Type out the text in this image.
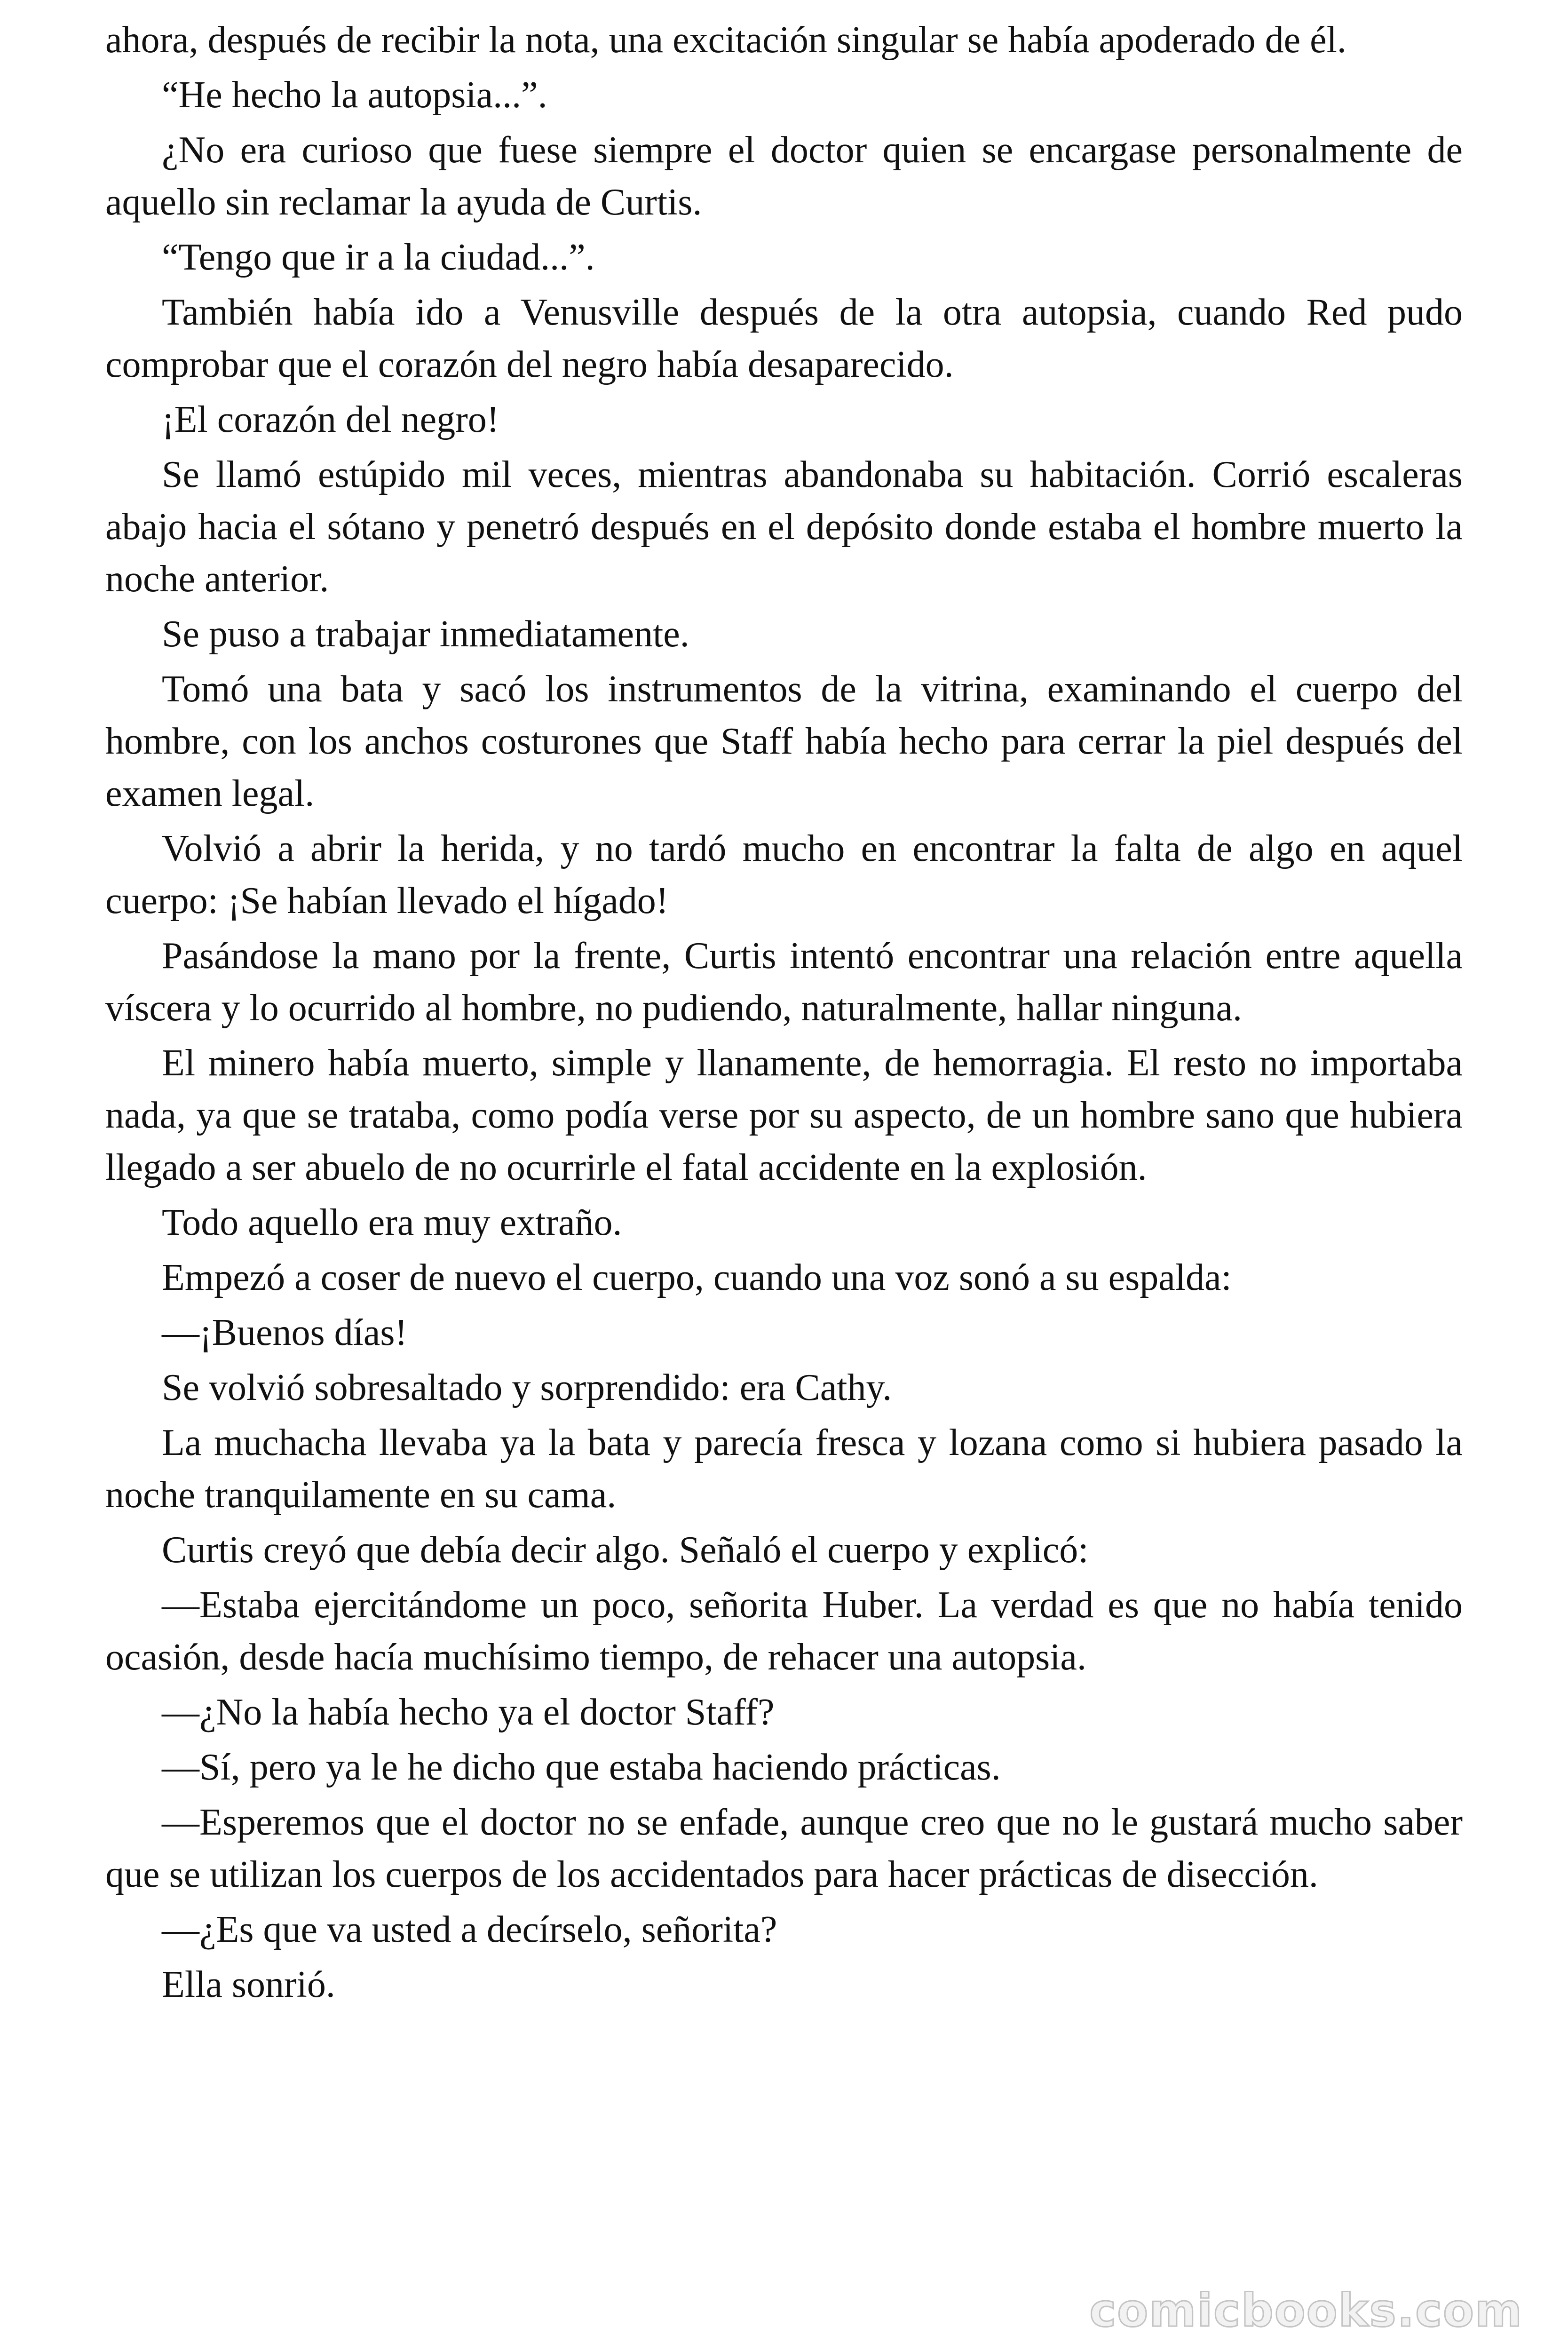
ahora, después de recibir la nota, una excitación singular se había apoderado de él.

“He hecho la autopsia...”.

¿No era curioso que fuese siempre el doctor quien se encargase personalmente de aquello sin reclamar la ayuda de Curtis.

“Tengo que ir a la ciudad...”.

También había ido a Venusville después de la otra autopsia, cuando Red pudo comprobar que el corazón del negro había desaparecido.

¡El corazón del negro!

Se llamó estúpido mil veces, mientras abandonaba su habitación. Corrió escaleras abajo hacia el sótano y penetró después en el depósito donde estaba el hombre muerto la noche anterior.

Se puso a trabajar inmediatamente.

Tomó una bata y sacó los instrumentos de la vitrina, examinando el cuerpo del hombre, con los anchos costurones que Staff había hecho para cerrar la piel después del examen legal.

Volvió a abrir la herida, y no tardó mucho en encontrar la falta de algo en aquel cuerpo: ¡Se habían llevado el hígado!

Pasándose la mano por la frente, Curtis intentó encontrar una relación entre aquella víscera y lo ocurrido al hombre, no pudiendo, naturalmente, hallar ninguna.

El minero había muerto, simple y llanamente, de hemorragia. El resto no importaba nada, ya que se trataba, como podía verse por su aspecto, de un hombre sano que hubiera llegado a ser abuelo de no ocurrirle el fatal accidente en la explosión.

Todo aquello era muy extraño.

Empezó a coser de nuevo el cuerpo, cuando una voz sonó a su espalda:

—¡Buenos días!

Se volvió sobresaltado y sorprendido: era Cathy.

La muchacha llevaba ya la bata y parecía fresca y lozana como si hubiera pasado la noche tranquilamente en su cama.

Curtis creyó que debía decir algo. Señaló el cuerpo y explicó:

—Estaba ejercitándome un poco, señorita Huber. La verdad es que no había tenido ocasión, desde hacía muchísimo tiempo, de rehacer una autopsia.

—¿No la había hecho ya el doctor Staff?

—Sí, pero ya le he dicho que estaba haciendo prácticas.

—Esperemos que el doctor no se enfade, aunque creo que no le gustará mucho saber que se utilizan los cuerpos de los accidentados para hacer prácticas de disección.

—¿Es que va usted a decírselo, señorita?

Ella sonrió.

comicbooks.com
